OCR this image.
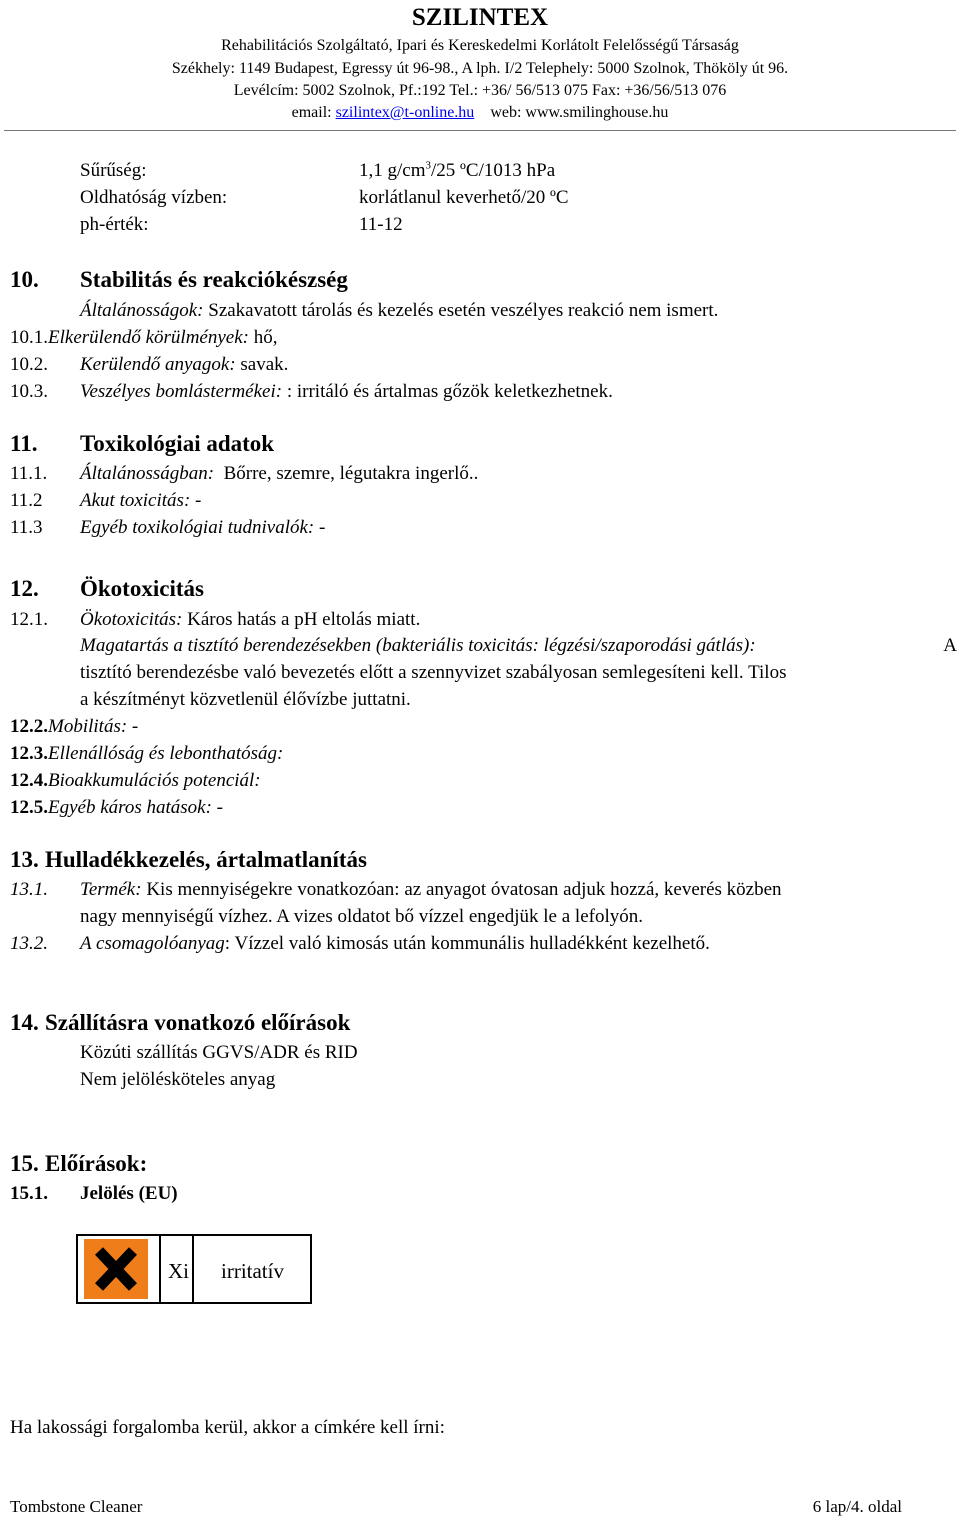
SZILINTEX
Rehabilitációs Szolgáltató, Ipari és Kereskedelmi Korlátolt Felelősségű Társaság
Székhely: 1149 Budapest, Egressy út 96-98., A lph. I/2 Telephely: 5000 Szolnok, Thököly út 96.
Levélcím: 5002 Szolnok, Pf.:192 Tel.: +36/ 56/513 075 Fax: +36/56/513 076
email: szilintex@t-online.hu web: www.smilinghouse.hu
Sűrűség:	1,1 $g/cm^3/25$ ºC/1013 hPa
Oldhatóság vízben:	korlátlanul keverhető/20 ºC
ph-érték:	11-12
10. Stabilitás és reakciókészség
Általánosságok: Szakavatott tárolás és kezelés esetén veszélyes reakció nem ismert.
10.1.Elkerülendő körülmények: hő,
10.2. Kerülendő anyagok: savak.
10.3. Veszélyes bomlástermékei: : irritáló és ártalmas gőzök keletkezhetnek.
11. Toxikológiai adatok
11.1. Általánosságban: Bőrre, szemre, légutakra ingerlő..
11.2 Akut toxicitás: -
11.3 Egyéb toxikológiai tudnivalók: -
12. Ökotoxicitás
12.1. Ökotoxicitás: Káros hatás a pH eltolás miatt.
Magatartás a tisztító berendezésekben (bakteriális toxicitás: légzési/szaporodási gátlás):	A
tisztító berendezésbe való bevezetés előtt a szennyvizet szabályosan semlegesíteni kell. Tilos
a készítményt közvetlenül élővízbe juttatni.
12.2.Mobilitás: -
12.3.Ellenállóság és lebonthatóság:
12.4.Bioakkumulációs potenciál:
12.5.Egyéb káros hatások: -
13. Hulladékkezelés, ártalmatlanítás
13.1. Termék: Kis mennyiségekre vonatkozóan: az anyagot óvatosan adjuk hozzá, keverés közben
nagy mennyiségű vízhez. A vizes oldatot bő vízzel engedjük le a lefolyón.
13.2. A csomagolóanyag: Vízzel való kimosás után kommunális hulladékként kezelhető.
14. Szállításra vonatkozó előírások
Közúti szállítás GGVS/ADR és RID
Nem jelölésköteles anyag
15. Előírások:
15.1. Jelölés (EU)
Xi irritatív
Ha lakossági forgalomba kerül, akkor a címkére kell írni:
Tombstone Cleaner	6 lap/4. oldal
